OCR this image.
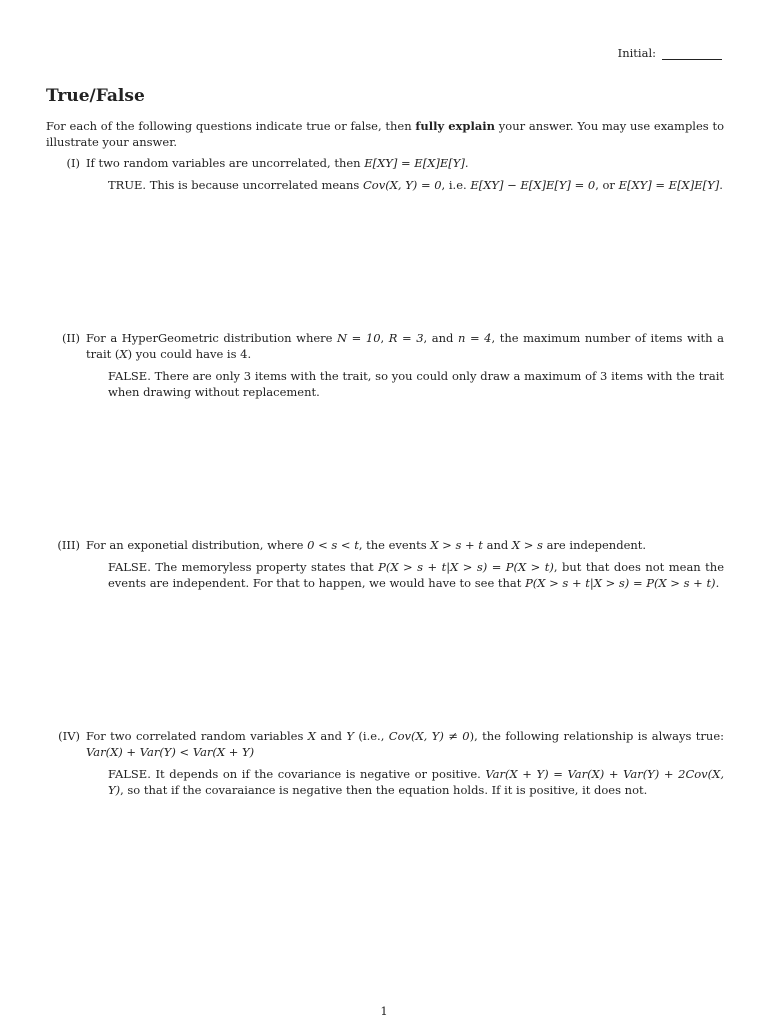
Initial:
True/False
For each of the following questions indicate true or false, then fully explain your answer. You may use examples to illustrate your answer.
(I) If two random variables are uncorrelated, then E[XY] = E[X]E[Y].
TRUE. This is because uncorrelated means Cov(X, Y) = 0, i.e. E[XY] − E[X]E[Y] = 0, or E[XY] = E[X]E[Y].
(II) For a HyperGeometric distribution where N = 10, R = 3, and n = 4, the maximum number of items with a trait (X) you could have is 4.
FALSE. There are only 3 items with the trait, so you could only draw a maximum of 3 items with the trait when drawing without replacement.
(III) For an exponetial distribution, where 0 < s < t, the events X > s + t and X > s are independent.
FALSE. The memoryless property states that P(X > s + t|X > s) = P(X > t), but that does not mean the events are independent. For that to happen, we would have to see that P(X > s + t|X > s) = P(X > s + t).
(IV) For two correlated random variables X and Y (i.e., Cov(X, Y) ≠ 0), the following relationship is always true: Var(X) + Var(Y) < Var(X + Y)
FALSE. It depends on if the covariance is negative or positive. Var(X + Y) = Var(X) + Var(Y) + 2Cov(X, Y), so that if the covaraiance is negative then the equation holds. If it is positive, it does not.
1
